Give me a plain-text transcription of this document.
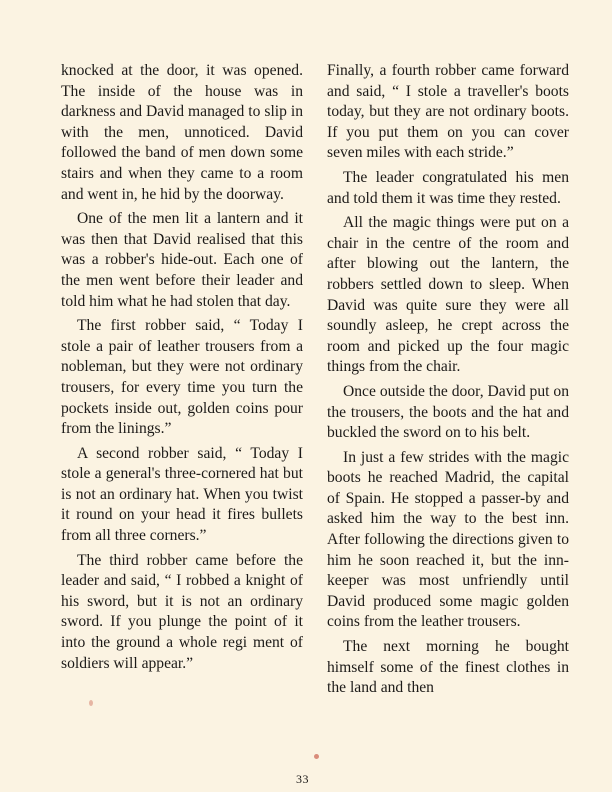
knocked at the door, it was opened. The inside of the house was in darkness and David managed to slip in with the men, unnoticed. David followed the band of men down some stairs and when they came to a room and went in, he hid by the doorway.

One of the men lit a lantern and it was then that David realised that this was a robber's hide-out. Each one of the men went before their leader and told him what he had stolen that day.

The first robber said, “ Today I stole a pair of leather trousers from a nobleman, but they were not ordinary trousers, for every time you turn the pockets inside out, golden coins pour from the linings.”

A second robber said, “ Today I stole a general's three-cornered hat but is not an ordinary hat. When you twist it round on your head it fires bullets from all three corners.”

The third robber came before the leader and said, “ I robbed a knight of his sword, but it is not an ordinary sword. If you plunge the point of it into the ground a whole regi ment of soldiers will appear.”

Finally, a fourth robber came forward and said, “ I stole a traveller's boots today, but they are not ordinary boots. If you put them on you can cover seven miles with each stride.”

The leader congratulated his men and told them it was time they rested.

All the magic things were put on a chair in the centre of the room and after blowing out the lantern, the robbers settled down to sleep. When David was quite sure they were all soundly asleep, he crept across the room and picked up the four magic things from the chair.

Once outside the door, David put on the trousers, the boots and the hat and buckled the sword on to his belt.

In just a few strides with the magic boots he reached Madrid, the capital of Spain. He stopped a passer-by and asked him the way to the best inn. After following the directions given to him he soon reached it, but the inn-keeper was most unfriendly until David produced some magic golden coins from the leather trousers.

The next morning he bought himself some of the finest clothes in the land and then

33
